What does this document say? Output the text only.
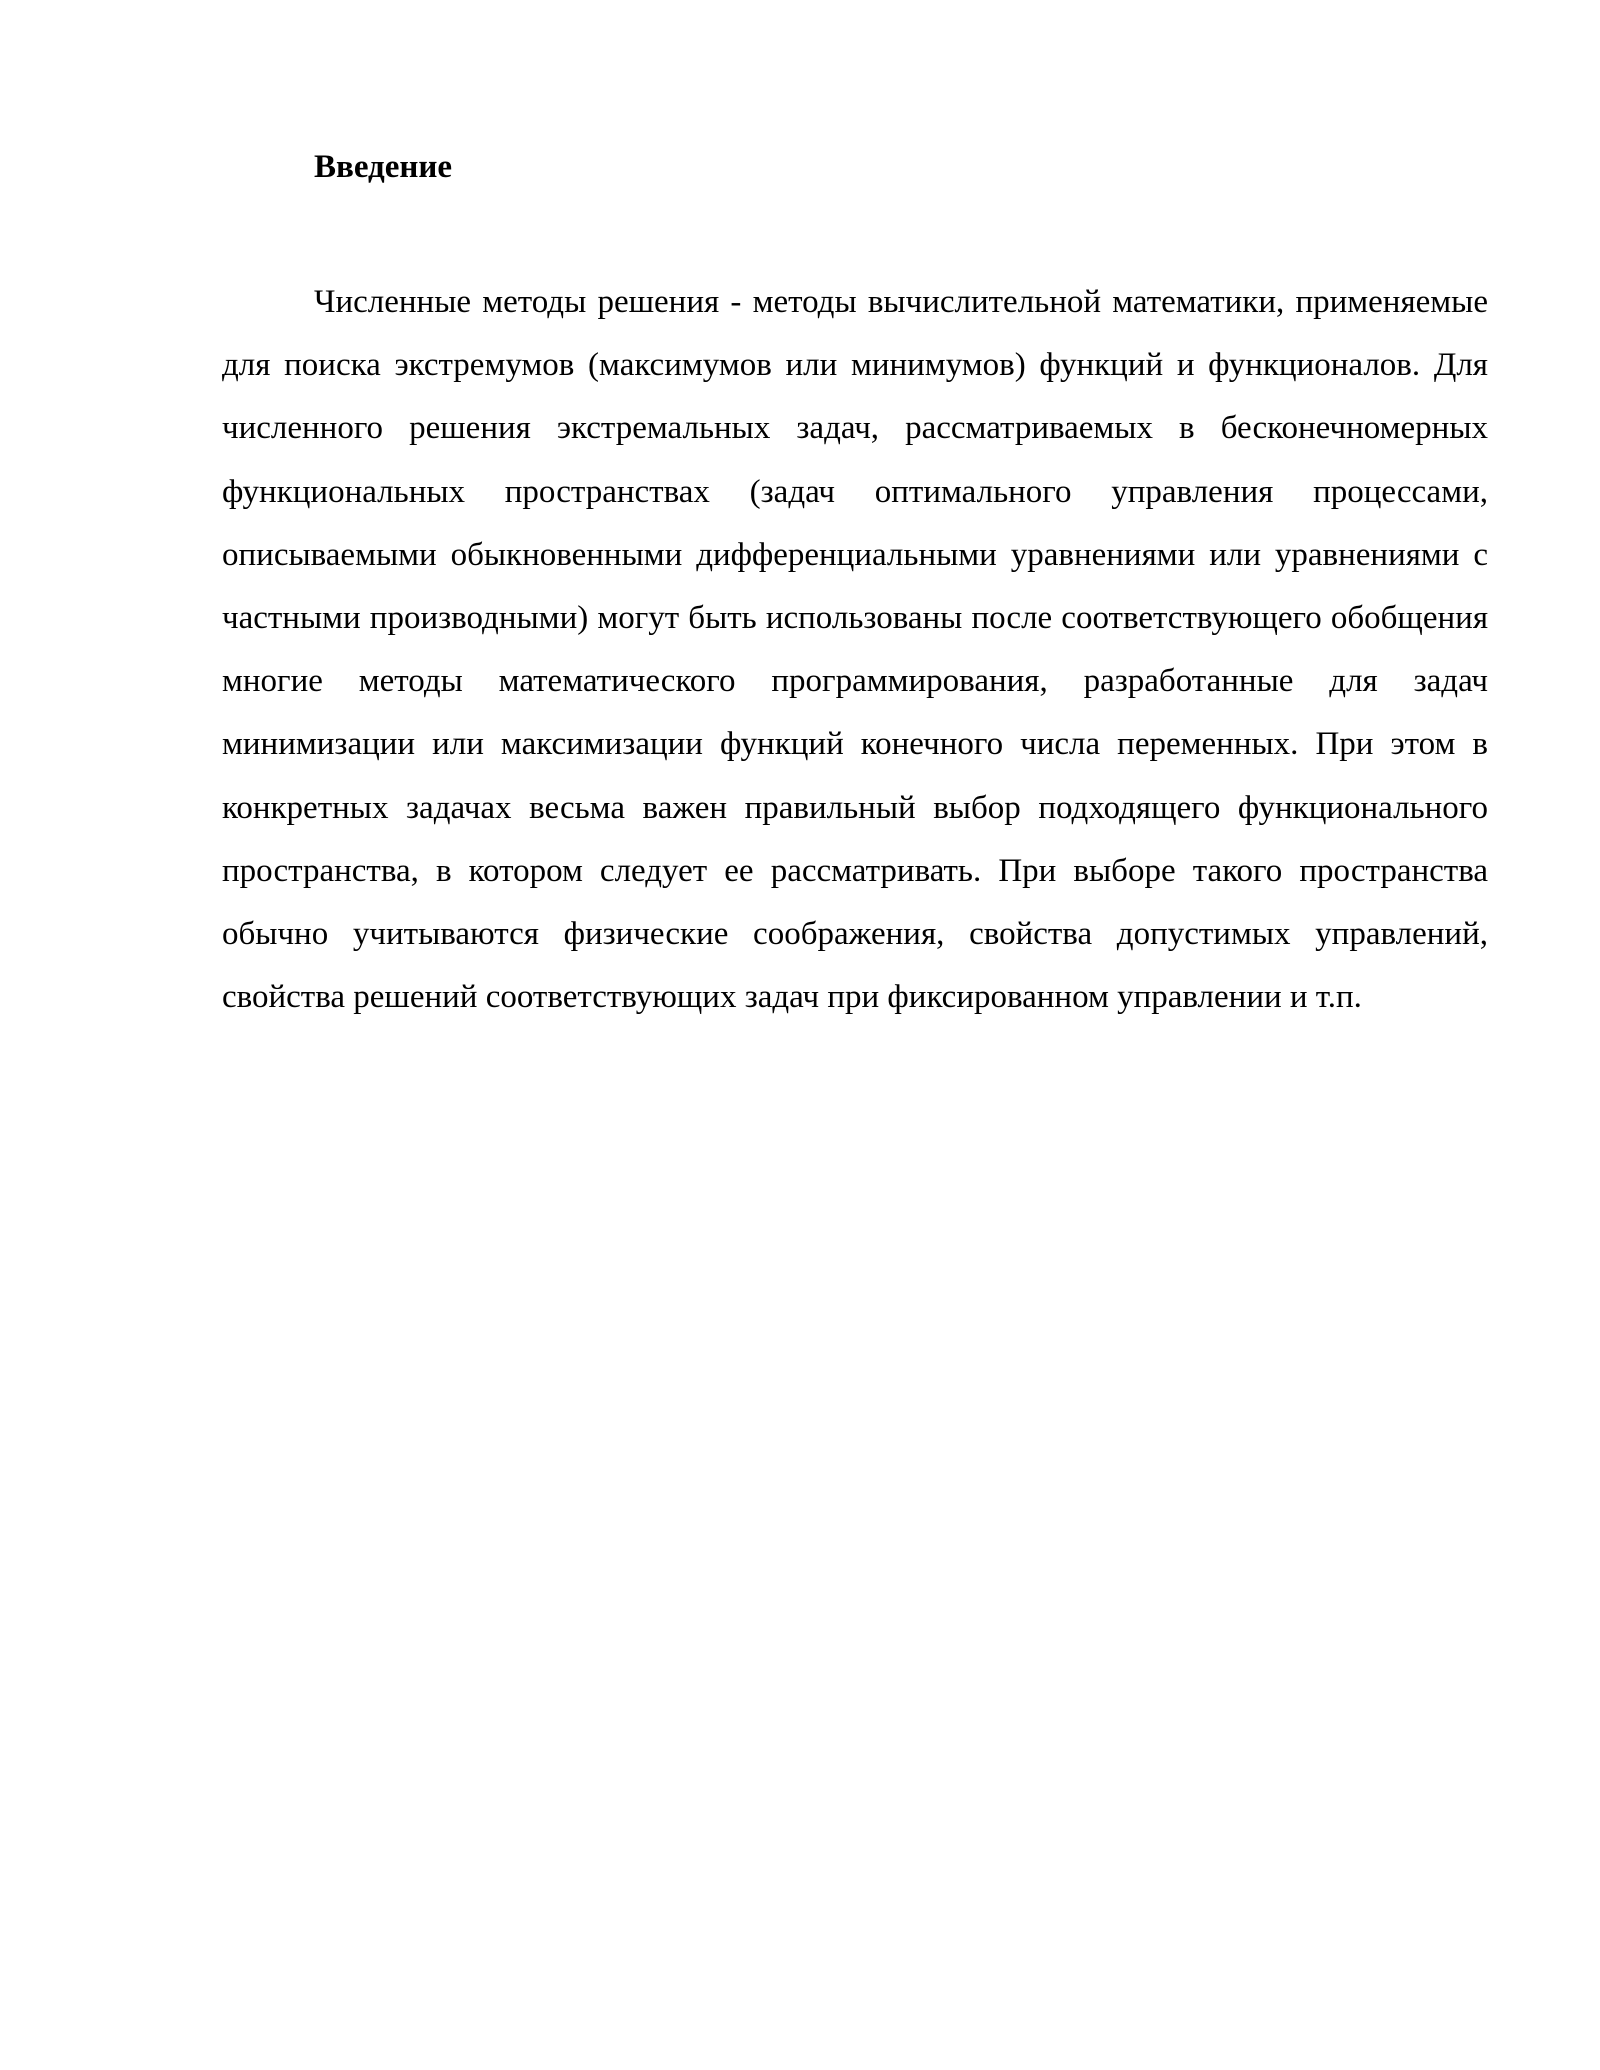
Введение

Численные методы решения - методы вычислительной математики, применяемые для поиска экстремумов (максимумов или минимумов) функций и функционалов. Для численного решения экстремальных задач, рассматриваемых в бесконечномерных функциональных пространствах (задач оптимального управления процессами, описываемыми обыкновенными дифференциальными уравнениями или уравнениями с частными производными) могут быть использованы после соответствующего обобщения многие методы математического программирования, разработанные для задач минимизации или максимизации функций конечного числа переменных. При этом в конкретных задачах весьма важен правильный выбор подходящего функционального пространства, в котором следует ее рассматривать. При выборе такого пространства обычно учитываются физические соображения, свойства допустимых управлений, свойства решений соответствующих задач при фиксированном управлении и т.п.
